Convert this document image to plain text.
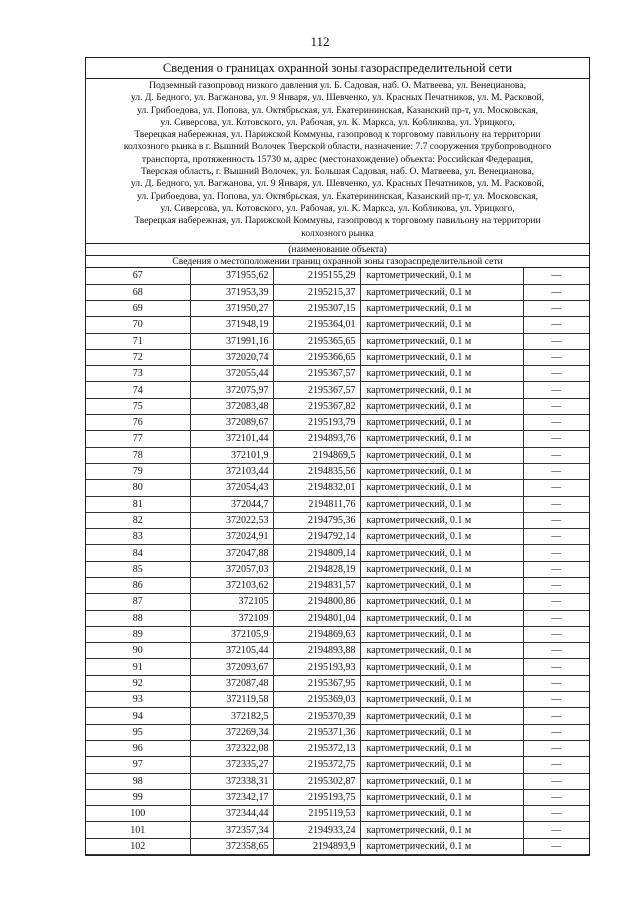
112
Сведения о границах охранной зоны газораспределительной сети
Подземный газопровод низкого давления ул. Б. Садовая, наб. О. Матвеева, ул. Венецианова,
ул. Д. Бедного, ул. Вагжанова, ул. 9 Января, ул. Шевченко, ул. Красных Печатников, ул. М. Расковой,
ул. Грибоедова, ул. Попова, ул. Октябрьская, ул. Екатерининская, Казанский пр-т, ул. Московская,
ул. Сиверсова, ул. Котовского, ул. Рабочая, ул. К. Маркса, ул. Кобликова, ул. Урицкого,
Тверецкая набережная, ул. Парижской Коммуны, газопровод к торговому павильону на территории
колхозного рынка в г. Вышний Волочек Тверской области, назначение: 7.7 сооружения трубопроводного
транспорта, протяженность 15730 м, адрес (местонахождение) объекта: Российская Федерация,
Тверская область, г. Вышний Волочек, ул. Большая Садовая, наб. О. Матвеева, ул. Венецианова,
ул. Д. Бедного, ул. Вагжанова, ул. 9 Января, ул. Шевченко, ул. Красных Печатников, ул. М. Расковой,
ул. Грибоедова, ул. Попова, ул. Октябрьская, ул. Екатерининская, Казанский пр-т, ул. Московская,
ул. Сиверсова, ул. Котовского, ул. Рабочая, ул. К. Маркса, ул. Кобликова, ул. Урицкого,
Тверецкая набережная, ул. Парижской Коммуны, газопровод к торговому павильону на территории
колхозного рынка
(наименование объекта)
Сведения о местоположении границ охранной зоны газораспределительной сети
67	371955,62	2195155,29	картометрический, 0.1 м	—
68	371953,39	2195215,37	картометрический, 0.1 м	—
69	371950,27	2195307,15	картометрический, 0.1 м	—
70	371948,19	2195364,01	картометрический, 0.1 м	—
71	371991,16	2195365,65	картометрический, 0.1 м	—
72	372020,74	2195366,65	картометрический, 0.1 м	—
73	372055,44	2195367,57	картометрический, 0.1 м	—
74	372075,97	2195367,57	картометрический, 0.1 м	—
75	372083,48	2195367,82	картометрический, 0.1 м	—
76	372089,67	2195193,79	картометрический, 0.1 м	—
77	372101,44	2194893,76	картометрический, 0.1 м	—
78	372101,9	2194869,5	картометрический, 0.1 м	—
79	372103,44	2194835,56	картометрический, 0.1 м	—
80	372054,43	2194832,01	картометрический, 0.1 м	—
81	372044,7	2194811,76	картометрический, 0.1 м	—
82	372022,53	2194795,36	картометрический, 0.1 м	—
83	372024,91	2194792,14	картометрический, 0.1 м	—
84	372047,88	2194809,14	картометрический, 0.1 м	—
85	372057,03	2194828,19	картометрический, 0.1 м	—
86	372103,62	2194831,57	картометрический, 0.1 м	—
87	372105	2194800,86	картометрический, 0.1 м	—
88	372109	2194801,04	картометрический, 0.1 м	—
89	372105,9	2194869,63	картометрический, 0.1 м	—
90	372105,44	2194893,88	картометрический, 0.1 м	—
91	372093,67	2195193,93	картометрический, 0.1 м	—
92	372087,48	2195367,95	картометрический, 0.1 м	—
93	372119,58	2195369,03	картометрический, 0.1 м	—
94	372182,5	2195370,39	картометрический, 0.1 м	—
95	372269,34	2195371,36	картометрический, 0.1 м	—
96	372322,08	2195372,13	картометрический, 0.1 м	—
97	372335,27	2195372,75	картометрический, 0.1 м	—
98	372338,31	2195302,87	картометрический, 0.1 м	—
99	372342,17	2195193,75	картометрический, 0.1 м	—
100	372344,44	2195119,53	картометрический, 0.1 м	—
101	372357,34	2194933,24	картометрический, 0.1 м	—
102	372358,65	2194893,9	картометрический, 0.1 м	—
